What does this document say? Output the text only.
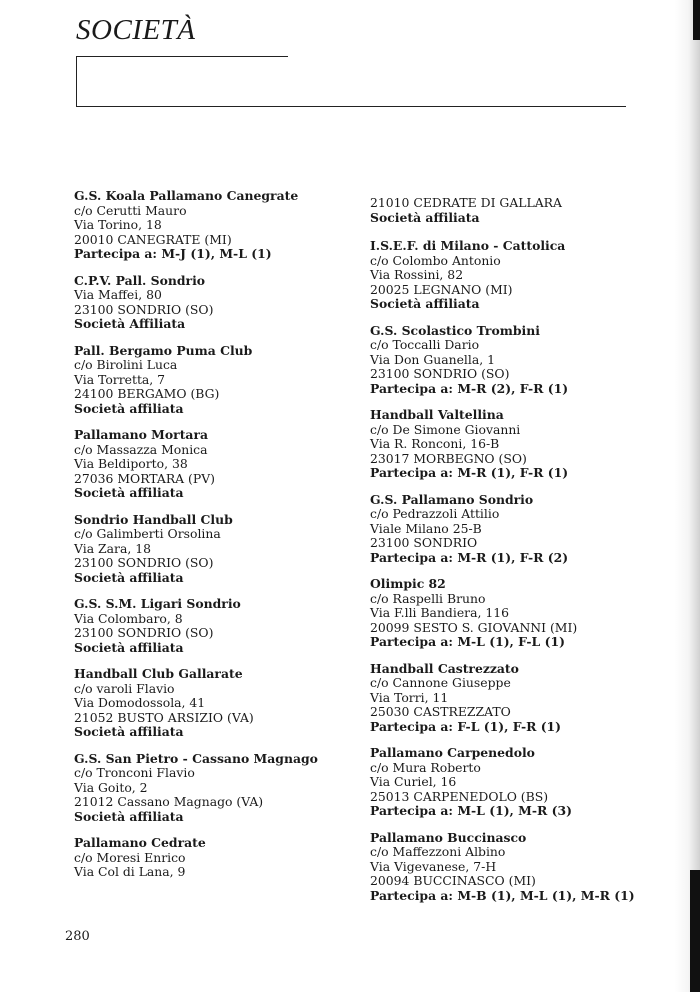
SOCIETÀ
G.S. Koala Pallamano Canegrate
c/o Cerutti Mauro
Via Torino, 18
20010 CANEGRATE (MI)
Partecipa a: M-J (1), M-L (1)
C.P.V. Pall. Sondrio
Via Maffei, 80
23100 SONDRIO (SO)
Società Affiliata
Pall. Bergamo Puma Club
c/o Birolini Luca
Via Torretta, 7
24100 BERGAMO (BG)
Società affiliata
Pallamano Mortara
c/o Massazza Monica
Via Beldiporto, 38
27036 MORTARA (PV)
Società affiliata
Sondrio Handball Club
c/o Galimberti Orsolina
Via Zara, 18
23100 SONDRIO (SO)
Società affiliata
G.S. S.M. Ligari Sondrio
Via Colombaro, 8
23100 SONDRIO (SO)
Società affiliata
Handball Club Gallarate
c/o varoli Flavio
Via Domodossola, 41
21052 BUSTO ARSIZIO (VA)
Società affiliata
G.S. San Pietro - Cassano Magnago
c/o Tronconi Flavio
Via Goito, 2
21012 Cassano Magnago (VA)
Società affiliata
Pallamano Cedrate
c/o Moresi Enrico
Via Col di Lana, 9
21010 CEDRATE DI GALLARA
Società affiliata
I.S.E.F. di Milano - Cattolica
c/o Colombo Antonio
Via Rossini, 82
20025 LEGNANO (MI)
Società affiliata
G.S. Scolastico Trombini
c/o Toccalli Dario
Via Don Guanella, 1
23100 SONDRIO (SO)
Partecipa a: M-R (2), F-R (1)
Handball Valtellina
c/o De Simone Giovanni
Via R. Ronconi, 16-B
23017 MORBEGNO (SO)
Partecipa a: M-R (1), F-R (1)
G.S. Pallamano Sondrio
c/o Pedrazzoli Attilio
Viale Milano 25-B
23100 SONDRIO
Partecipa a: M-R (1), F-R (2)
Olimpic 82
c/o Raspelli Bruno
Via F.lli Bandiera, 116
20099 SESTO S. GIOVANNI (MI)
Partecipa a: M-L (1), F-L (1)
Handball Castrezzato
c/o Cannone Giuseppe
Via Torri, 11
25030 CASTREZZATO
Partecipa a: F-L (1), F-R (1)
Pallamano Carpenedolo
c/o Mura Roberto
Via Curiel, 16
25013 CARPENEDOLO (BS)
Partecipa a: M-L (1), M-R (3)
Pallamano Buccinasco
c/o Maffezzoni Albino
Via Vigevanese, 7-H
20094 BUCCINASCO (MI)
Partecipa a: M-B (1), M-L (1), M-R (1)
280
